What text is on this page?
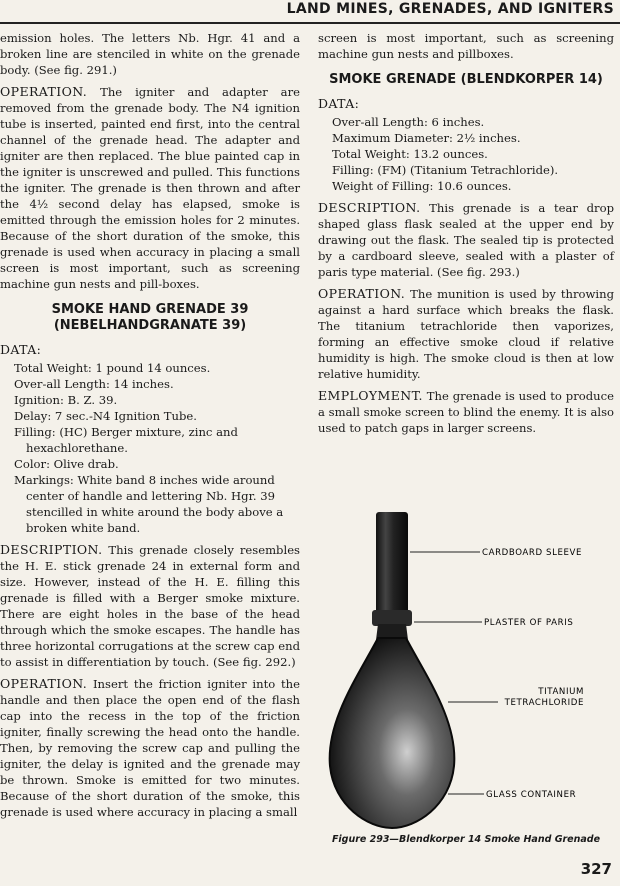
LAND MINES, GRENADES, AND IGNITERS

emission holes. The letters Nb. Hgr. 41 and a broken line are stenciled in white on the grenade body. (See fig. 291.)

OPERATION. The igniter and adapter are removed from the grenade body. The N4 ignition tube is inserted, painted end first, into the central channel of the grenade head. The adapter and igniter are then replaced. The blue painted cap in the igniter is unscrewed and pulled. This functions the igniter. The grenade is then thrown and after the 4½ second delay has elapsed, smoke is emitted through the emission holes for 2 minutes. Because of the short duration of the smoke, this grenade is used when accuracy in placing a small screen is most important, such as screening machine gun nests and pill-boxes.

SMOKE HAND GRENADE 39
(NEBELHANDGRANATE 39)
DATA:
Total Weight: 1 pound 14 ounces.
Over-all Length: 14 inches.
Ignition: B. Z. 39.
Delay: 7 sec.-N4 Ignition Tube.
Filling: (HC) Berger mixture, zinc and hexachlorethane.
Color: Olive drab.
Markings: White band 8 inches wide around center of handle and lettering Nb. Hgr. 39 stencilled in white around the body above a broken white band.

DESCRIPTION. This grenade closely resembles the H. E. stick grenade 24 in external form and size. However, instead of the H. E. filling this grenade is filled with a Berger smoke mixture. There are eight holes in the base of the head through which the smoke escapes. The handle has three horizontal corrugations at the screw cap end to assist in differentiation by touch. (See fig. 292.)

OPERATION. Insert the friction igniter into the handle and then place the open end of the flash cap into the recess in the top of the friction igniter, finally screwing the head onto the handle. Then, by removing the screw cap and pulling the igniter, the delay is ignited and the grenade may be thrown. Smoke is emitted for two minutes. Because of the short duration of the smoke, this grenade is used where accuracy in placing a small

screen is most important, such as screening machine gun nests and pillboxes.

SMOKE GRENADE (BLENDKORPER 14)
DATA:
Over-all Length: 6 inches.
Maximum Diameter: 2½ inches.
Total Weight: 13.2 ounces.
Filling: (FM) (Titanium Tetrachloride).
Weight of Filling: 10.6 ounces.

DESCRIPTION. This grenade is a tear drop shaped glass flask sealed at the upper end by drawing out the flask. The sealed tip is protected by a cardboard sleeve, sealed with a plaster of paris type material. (See fig. 293.)

OPERATION. The munition is used by throwing against a hard surface which breaks the flask. The titanium tetrachloride then vaporizes, forming an effective smoke cloud if relative humidity is high. The smoke cloud is then at low relative humidity.

EMPLOYMENT. The grenade is used to produce a small smoke screen to blind the enemy. It is also used to patch gaps in larger screens.

CARDBOARD SLEEVE
PLASTER OF PARIS
TITANIUM
TETRACHLORIDE
GLASS CONTAINER
Figure 293—Blendkorper 14 Smoke Hand Grenade
327
